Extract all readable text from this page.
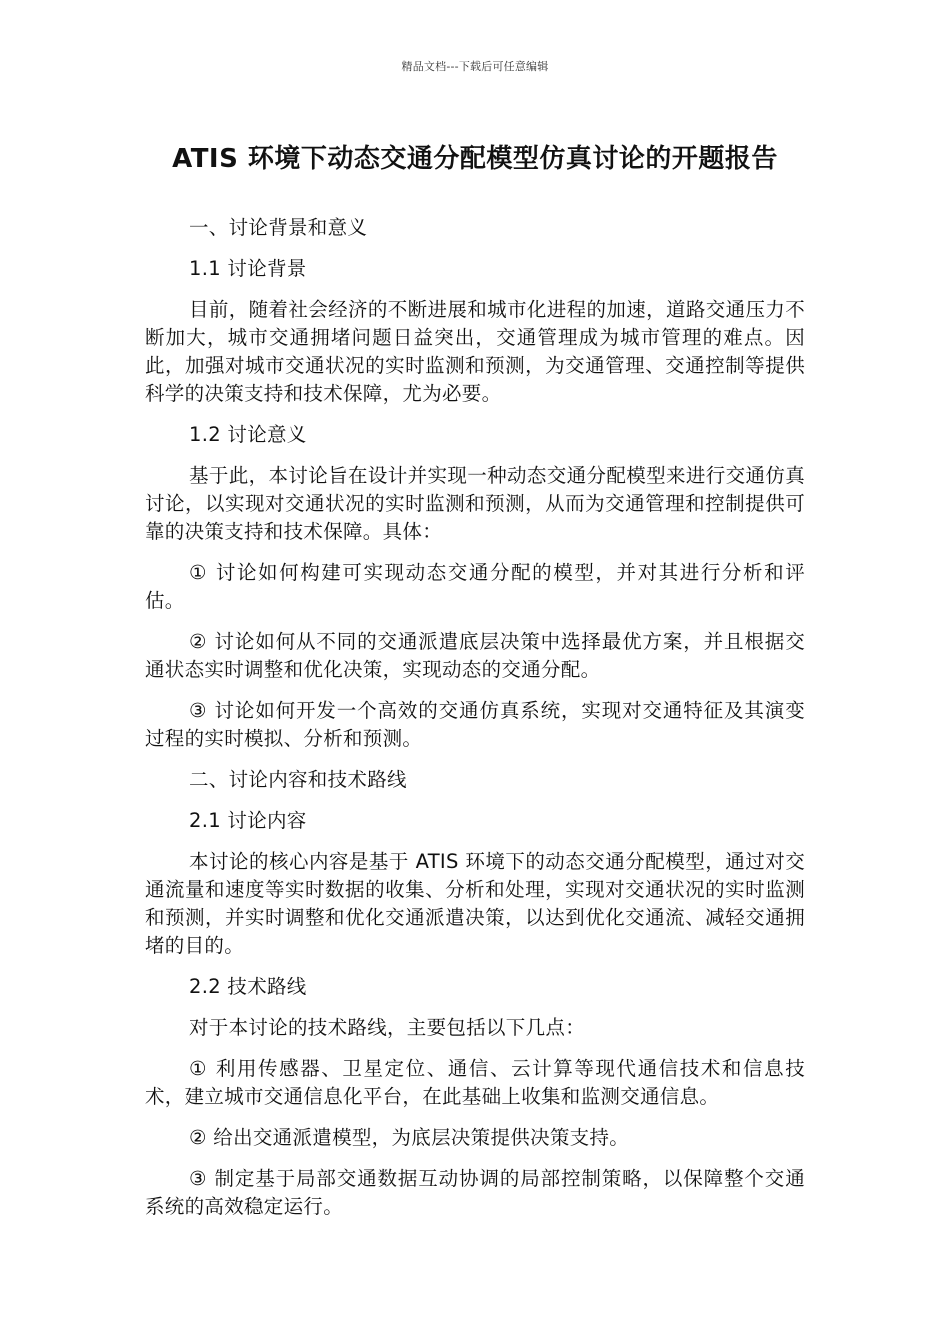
精品文档---下载后可任意编辑
ATIS 环境下动态交通分配模型仿真讨论的开题报告

一、讨论背景和意义

1.1 讨论背景

目前，随着社会经济的不断进展和城市化进程的加速，道路交通压力不断加大，城市交通拥堵问题日益突出，交通管理成为城市管理的难点。因此，加强对城市交通状况的实时监测和预测，为交通管理、交通控制等提供科学的决策支持和技术保障，尤为必要。

1.2 讨论意义

基于此，本讨论旨在设计并实现一种动态交通分配模型来进行交通仿真讨论，以实现对交通状况的实时监测和预测，从而为交通管理和控制提供可靠的决策支持和技术保障。具体：

① 讨论如何构建可实现动态交通分配的模型，并对其进行分析和评估。

② 讨论如何从不同的交通派遣底层决策中选择最优方案，并且根据交通状态实时调整和优化决策，实现动态的交通分配。

③ 讨论如何开发一个高效的交通仿真系统，实现对交通特征及其演变过程的实时模拟、分析和预测。

二、讨论内容和技术路线

2.1 讨论内容

本讨论的核心内容是基于 ATIS 环境下的动态交通分配模型，通过对交通流量和速度等实时数据的收集、分析和处理，实现对交通状况的实时监测和预测，并实时调整和优化交通派遣决策，以达到优化交通流、减轻交通拥堵的目的。

2.2 技术路线

对于本讨论的技术路线，主要包括以下几点：

① 利用传感器、卫星定位、通信、云计算等现代通信技术和信息技术，建立城市交通信息化平台，在此基础上收集和监测交通信息。

② 给出交通派遣模型，为底层决策提供决策支持。

③ 制定基于局部交通数据互动协调的局部控制策略，以保障整个交通系统的高效稳定运行。
